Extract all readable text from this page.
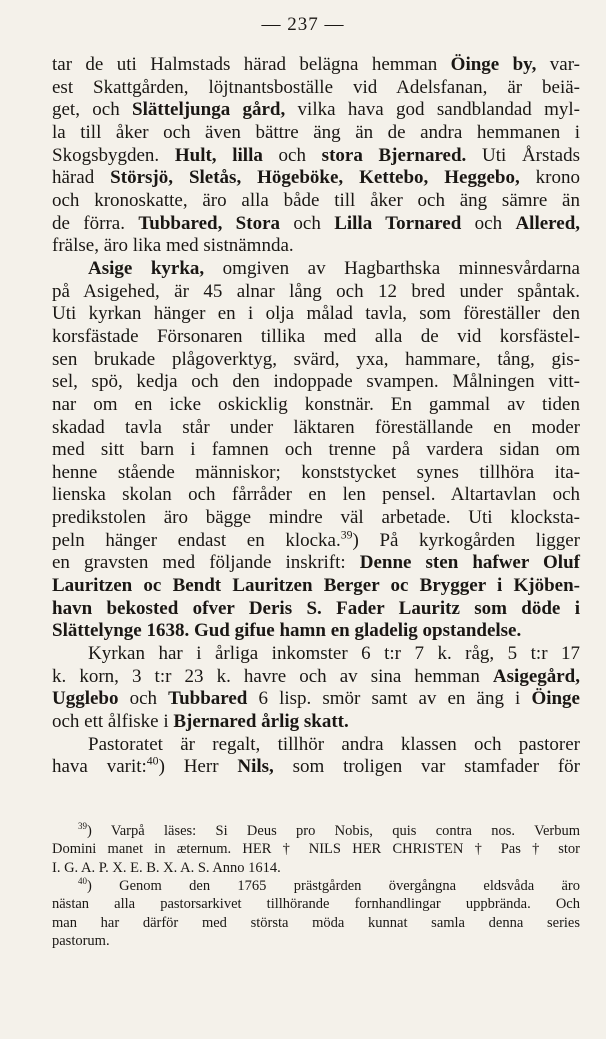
— 237 —
tar de uti Halmstads härad belägna hemman Öinge by, var-
est Skattgården, löjtnantsboställe vid Adelsfanan, är beiä-
get, och Slätteljunga gård, vilka hava god sandblandad myl-
la till åker och även bättre äng än de andra hemmanen i
Skogsbygden. Hult, lilla och stora Bjernared. Uti Årstads
härad Störsjö, Sletås, Högeböke, Kettebo, Heggebo, krono
och kronoskatte, äro alla både till åker och äng sämre än
de förra. Tubbared, Stora och Lilla Tornared och Allered,
frälse, äro lika med sistnämnda.
Asige kyrka, omgiven av Hagbarthska minnesvårdarna
på Asigehed, är 45 alnar lång och 12 bred under spåntak.
Uti kyrkan hänger en i olja målad tavla, som föreställer den
korsfästade Försonaren tillika med alla de vid korsfästel-
sen brukade plågoverktyg, svärd, yxa, hammare, tång, gis-
sel, spö, kedja och den indoppade svampen. Målningen vitt-
nar om en icke oskicklig konstnär. En gammal av tiden
skadad tavla står under läktaren föreställande en moder
med sitt barn i famnen och trenne på vardera sidan om
henne stående människor; konststycket synes tillhöra ita-
lienska skolan och fårråder en len pensel. Altartavlan och
predikstolen äro bägge mindre väl arbetade. Uti klocksta-
peln hänger endast en klocka.$^{39}$) På kyrkogården ligger
en gravsten med följande inskrift: Denne sten hafwer Oluf
Lauritzen oc Bendt Lauritzen Berger oc Brygger i Kjöben-
havn bekosted ofver Deris S. Fader Lauritz som döde i
Slättelynge 1638. Gud gifue hamn en gladelig opstandelse.
Kyrkan har i årliga inkomster 6 t:r 7 k. råg, 5 t:r 17
k. korn, 3 t:r 23 k. havre och av sina hemman Asigegård,
Ugglebo och Tubbared 6 lisp. smör samt av en äng i Öinge
och ett ålfiske i Bjernared årlig skatt.
Pastoratet är regalt, tillhör andra klassen och pastorer
hava varit:$^{40}$) Herr Nils, som troligen var stamfader för
$^{39}$) Varpå läses: Si Deus pro Nobis, quis contra nos. Verbum
Domini manet in æternum. HER † NILS HER CHRISTEN † Pas † stor
I. G. A. P. X. E. B. X. A. S. Anno 1614.
$^{40}$) Genom den 1765 prästgården övergångna eldsvåda äro
nästan alla pastorsarkivet tillhörande fornhandlingar uppbrända. Och
man har därför med största möda kunnat samla denna series
pastorum.
